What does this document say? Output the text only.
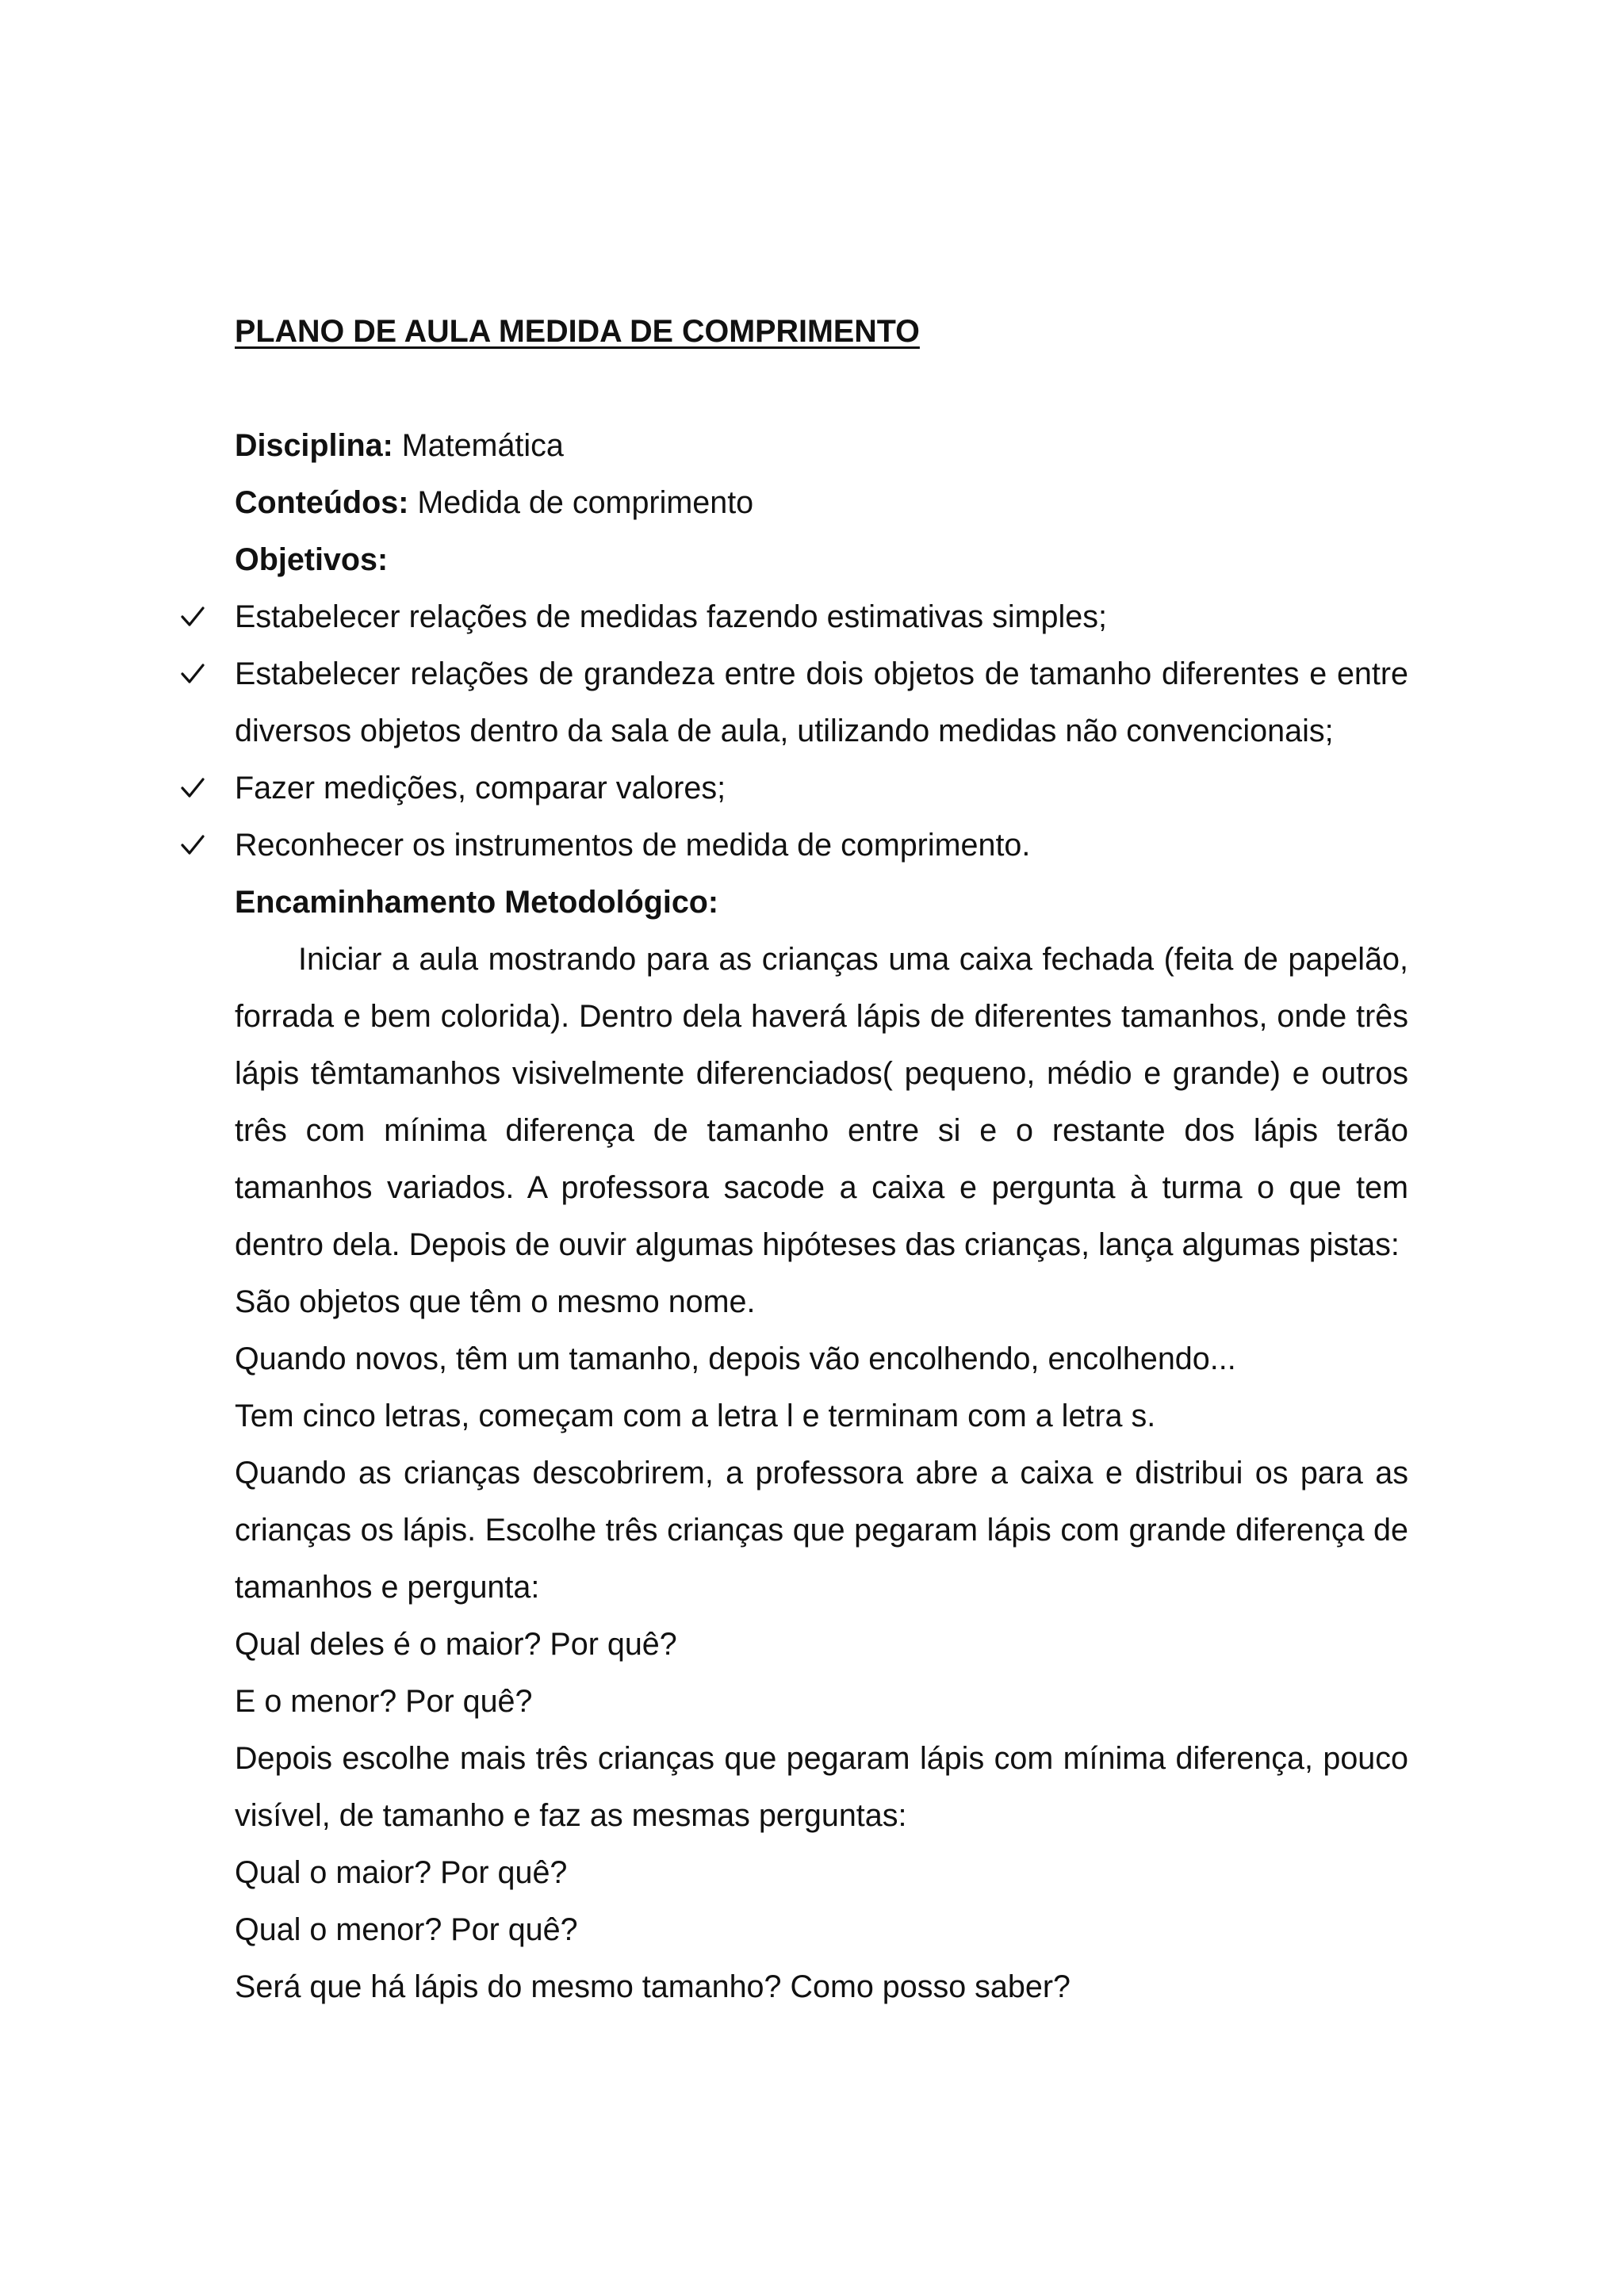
PLANO DE AULA MEDIDA DE COMPRIMENTO

Disciplina: Matemática

Conteúdos: Medida de comprimento

Objetivos:

Estabelecer relações de medidas fazendo estimativas simples;
Estabelecer relações de grandeza entre dois objetos de tamanho diferentes e entre diversos objetos dentro da sala de aula, utilizando medidas não convencionais;
Fazer medições, comparar valores;
Reconhecer os instrumentos de medida de comprimento.

Encaminhamento Metodológico:

Iniciar a aula mostrando para as crianças uma caixa fechada (feita de papelão, forrada e bem colorida). Dentro dela haverá lápis de diferentes tamanhos, onde três lápis têmtamanhos visivelmente diferenciados( pequeno, médio e grande) e outros três com mínima diferença de tamanho entre si e o restante dos lápis terão tamanhos variados. A professora sacode a caixa e pergunta à turma o que tem dentro dela. Depois de ouvir algumas hipóteses das crianças, lança algumas pistas:

São objetos que têm o mesmo nome.

Quando novos, têm um tamanho, depois vão encolhendo, encolhendo...

Tem cinco letras, começam com a letra l e terminam com a letra s.

Quando as crianças descobrirem, a professora abre a caixa e distribui os para as crianças os lápis. Escolhe três crianças que pegaram lápis com grande diferença de tamanhos e pergunta:

Qual deles é o maior? Por quê?

E o menor? Por quê?

Depois escolhe mais três crianças que pegaram lápis com mínima diferença, pouco visível, de tamanho e faz as mesmas perguntas:

Qual o maior? Por quê?

Qual o menor? Por quê?

Será que há lápis do mesmo tamanho? Como posso saber?
